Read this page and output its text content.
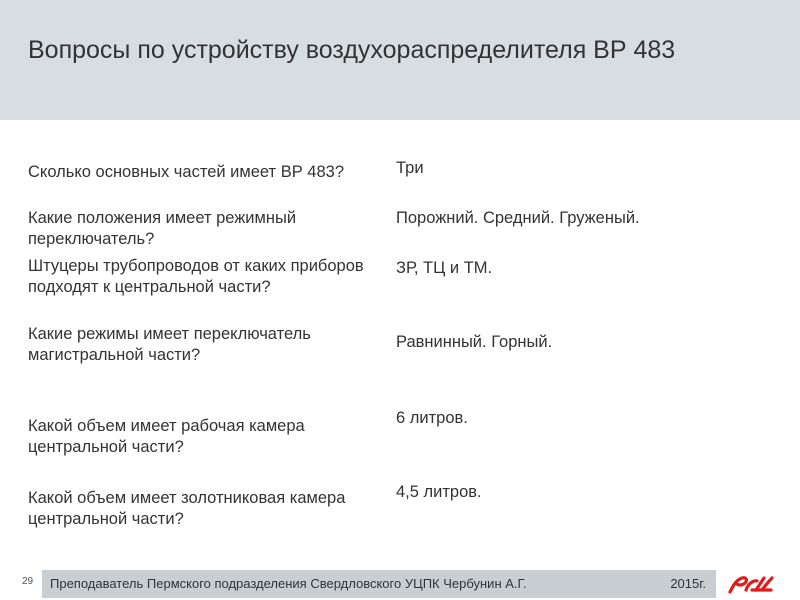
Вопросы по устройству воздухораспределителя ВР 483
Сколько основных частей имеет ВР 483?	Три
Какие положения имеет режимный переключатель?
Порожний. Средний. Груженый.
Штуцеры трубопроводов от каких приборов подходят к центральной части?
ЗР, ТЦ и ТМ.
Какие режимы имеет переключатель магистральной части?
Равнинный. Горный.
Какой объем имеет рабочая камера центральной части?
6 литров.
Какой объем имеет золотниковая камера центральной части?
4,5 литров.
29 Преподаватель Пермского подразделения Свердловского УЦПК Чербунин А.Г.	2015г.
